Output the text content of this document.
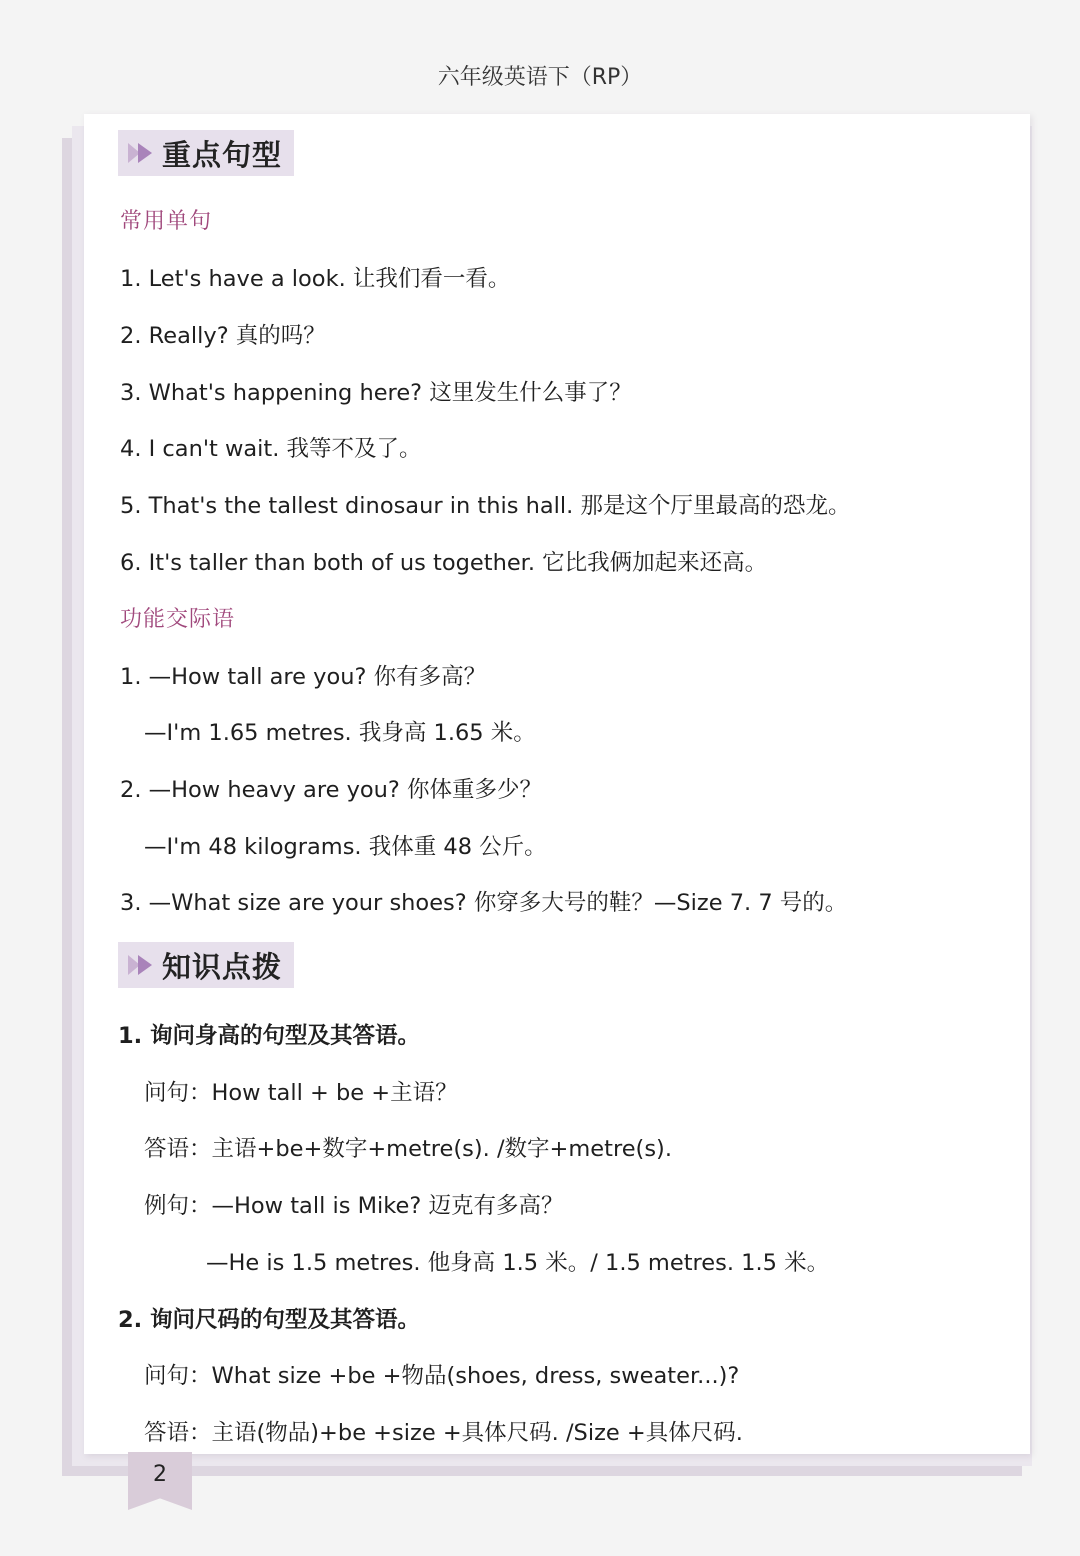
六年级英语下（RP）
重点句型
常用单句
1. Let's have a look. 让我们看一看。
2. Really? 真的吗？
3. What's happening here? 这里发生什么事了？
4. I can't wait. 我等不及了。
5. That's the tallest dinosaur in this hall. 那是这个厅里最高的恐龙。
6. It's taller than both of us together. 它比我俩加起来还高。
功能交际语
1. —How tall are you? 你有多高？
—I'm 1.65 metres. 我身高 1.65 米。
2. —How heavy are you? 你体重多少？
—I'm 48 kilograms. 我体重 48 公斤。
3. —What size are your shoes? 你穿多大号的鞋？—Size 7. 7 号的。
知识点拨
1. 询问身高的句型及其答语。
问句：How tall + be +主语？
答语：主语+be+数字+metre(s). /数字+metre(s).
例句：—How tall is Mike? 迈克有多高？
—He is 1.5 metres. 他身高 1.5 米。/ 1.5 metres. 1.5 米。
2. 询问尺码的句型及其答语。
问句：What size +be +物品(shoes, dress, sweater...)?
答语：主语(物品)+be +size +具体尺码. /Size +具体尺码.
2
